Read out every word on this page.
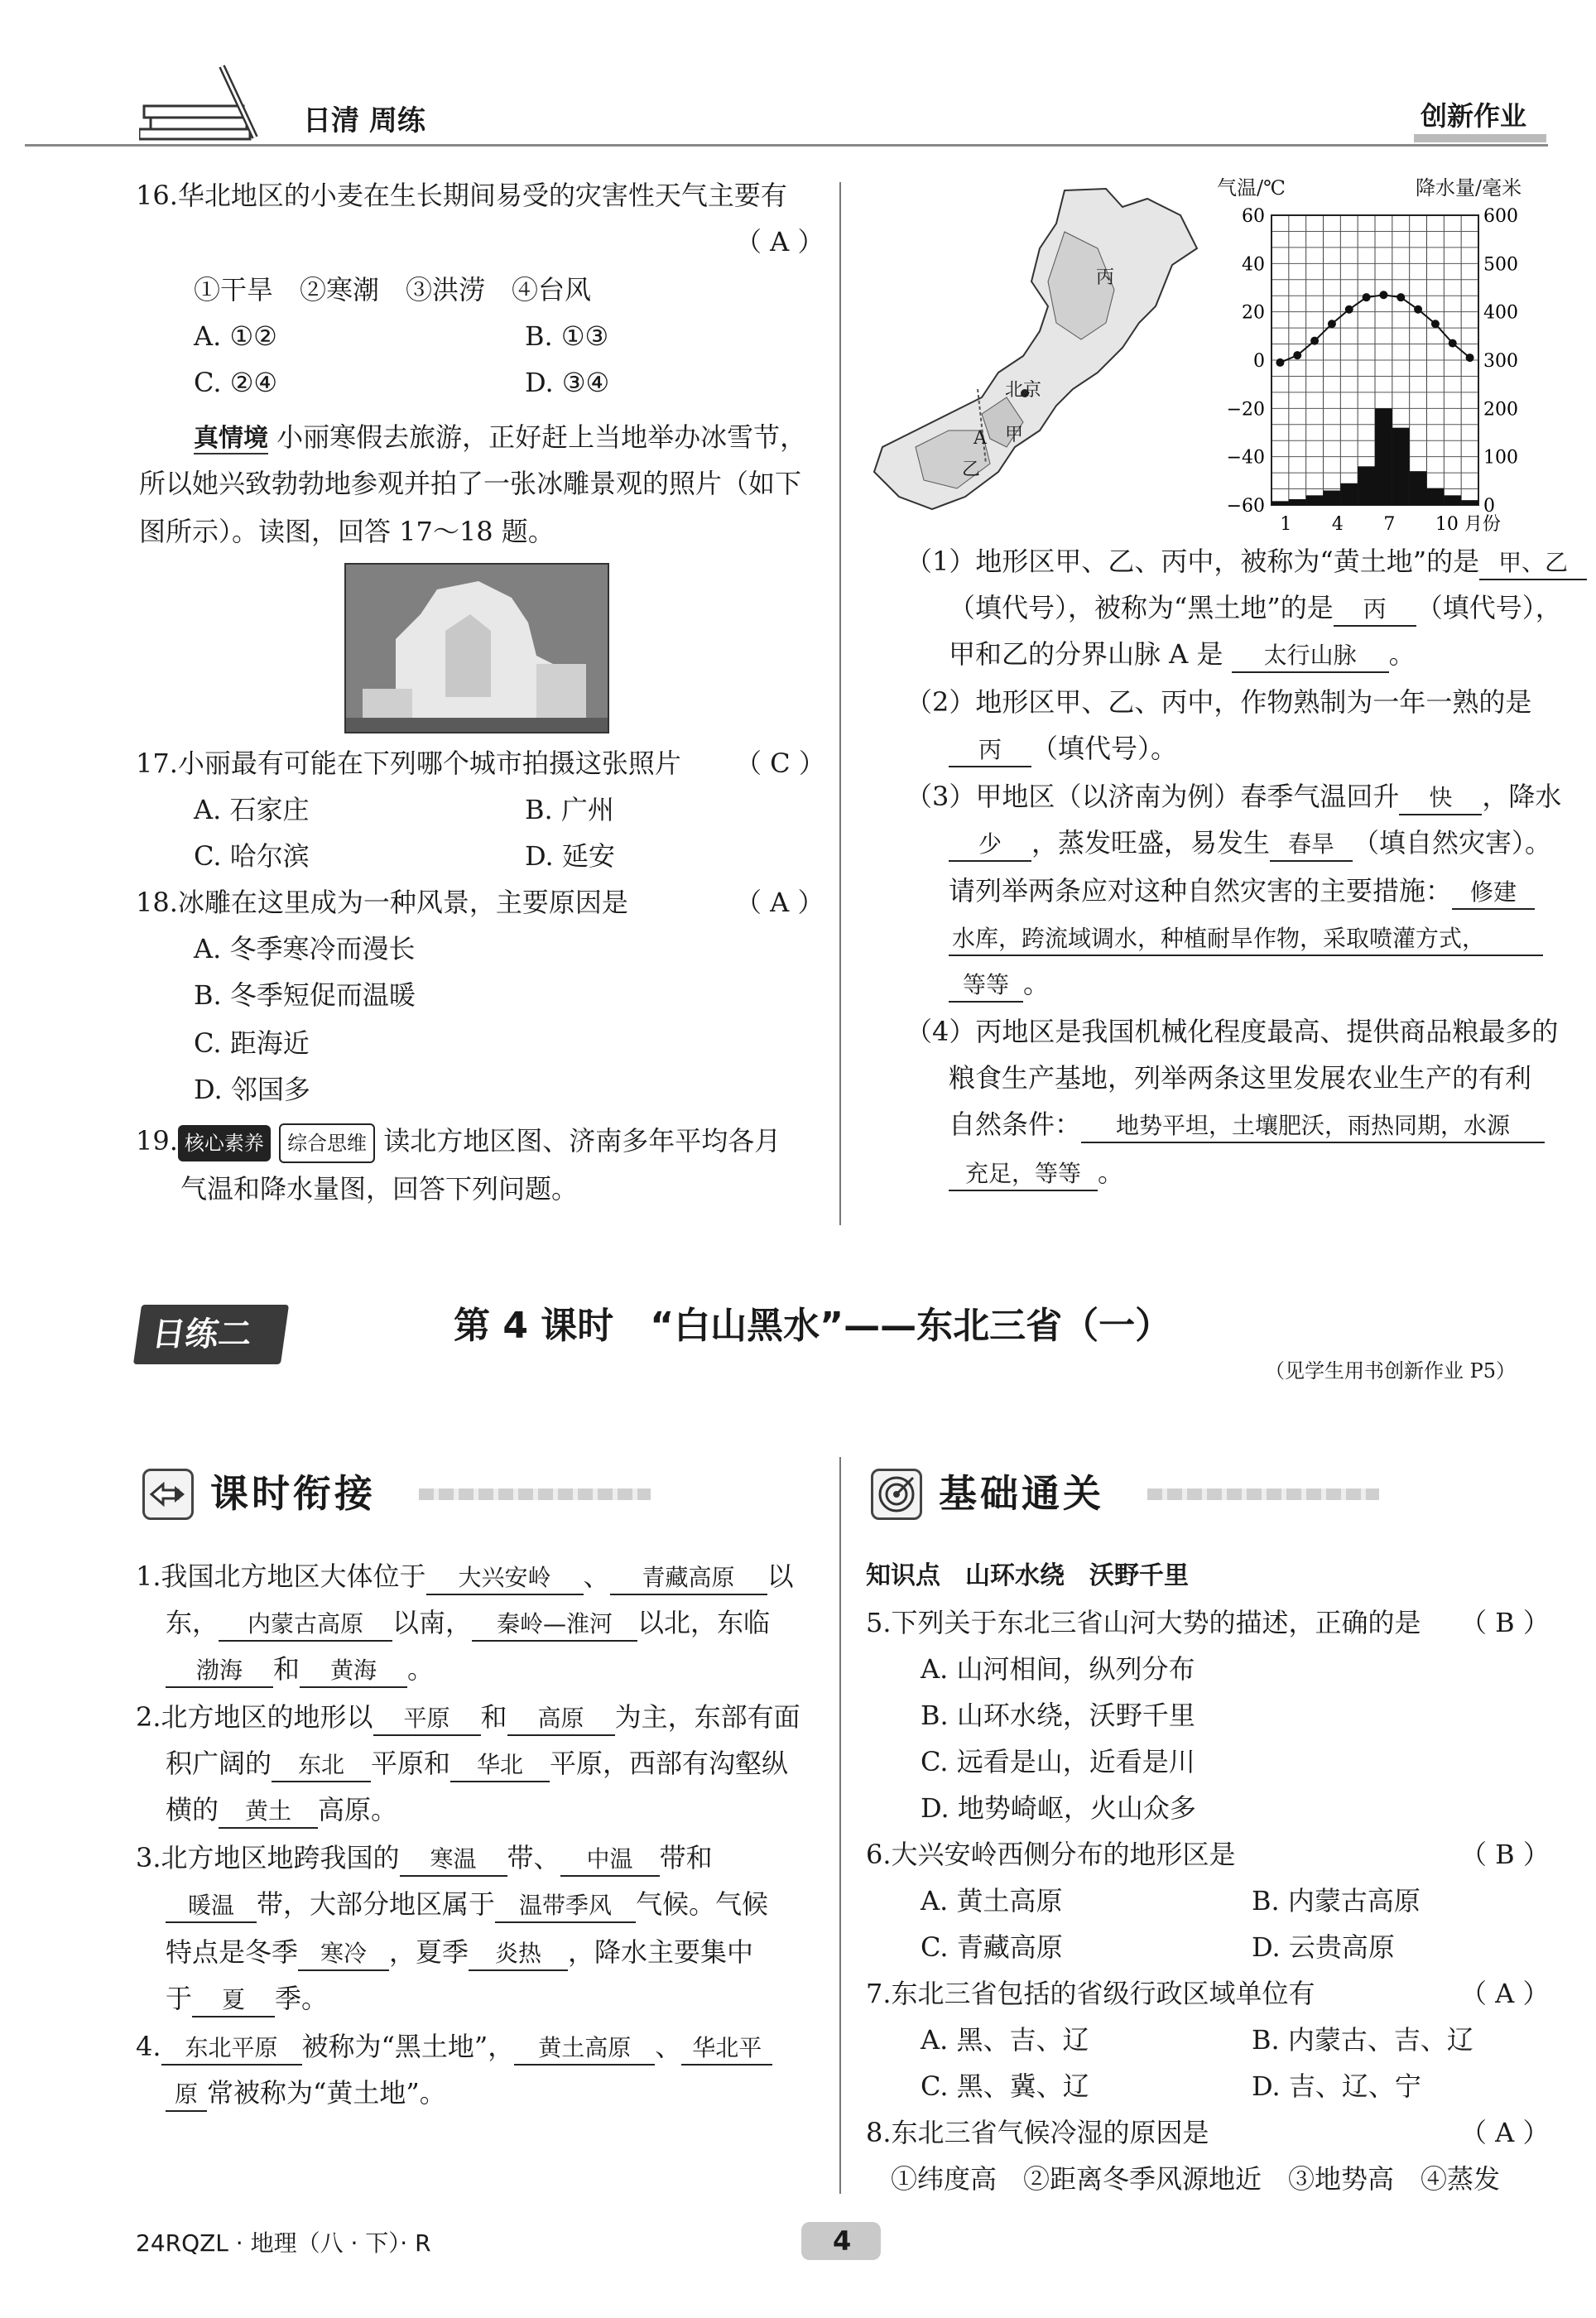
日清 周练	创新作业
16.华北地区的小麦在生长期间易受的灾害性天气主要有
（ A ）
①干旱　②寒潮　③洪涝　④台风
A. ①②	B. ①③
C. ②④	D. ③④
真情境 小丽寒假去旅游，正好赶上当地举办冰雪节，
所以她兴致勃勃地参观并拍了一张冰雕景观的照片（如下
图所示）。读图，回答 17～18 题。
17.小丽最有可能在下列哪个城市拍摄这张照片 （ C ）
A. 石家庄	B. 广州
C. 哈尔滨	D. 延安
18.冰雕在这里成为一种风景，主要原因是	（ A ）
A. 冬季寒冷而漫长
B. 冬季短促而温暖
C. 距海近
D. 邻国多
19. 核心素养 综合思维 读北方地区图、济南多年平均各月
气温和降水量图，回答下列问题。
丙
北京
A 甲
乙
气温/℃	降水量/毫米
60
40
20
0
−20
−40
−60
600
500
400
300
200
100
0
1 4 7 10 月份
（1）地形区甲、乙、丙中，被称为“黄土地”的是 甲、乙
（填代号），被称为“黑土地”的是 丙 （填代号），
甲和乙的分界山脉 A 是 太行山脉 。
（2）地形区甲、乙、丙中，作物熟制为一年一熟的是
丙 （填代号）。
（3）甲地区（以济南为例）春季气温回升 快 ，降水
少 ，蒸发旺盛，易发生 春旱 （填自然灾害）。
请列举两条应对这种自然灾害的主要措施： 修建
水库，跨流域调水，种植耐旱作物，采取喷灌方式，
等等 。
（4）丙地区是我国机械化程度最高、提供商品粮最多的
粮食生产基地，列举两条这里发展农业生产的有利
自然条件： 地势平坦，土壤肥沃，雨热同期，水源
充足，等等 。
日练二	第 4 课时　“白山黑水”——东北三省（一）
（见学生用书创新作业 P5）
课时衔接	基础通关
1.我国北方地区大体位于 大兴安岭 、 青藏高原 以
东， 内蒙古高原 以南， 秦岭—淮河 以北，东临
渤海 和 黄海 。
2.北方地区的地形以 平原 和 高原 为主，东部有面
积广阔的 东北 平原和 华北 平原，西部有沟壑纵
横的 黄土 高原。
3.北方地区地跨我国的 寒温 带、 中温 带和
暖温 带，大部分地区属于 温带季风 气候。气候
特点是冬季 寒冷 ，夏季 炎热 ，降水主要集中
于 夏 季。
4. 东北平原 被称为“黑土地”， 黄土高原 、 华北平
原 常被称为“黄土地”。
知识点　山环水绕　沃野千里
5.下列关于东北三省山河大势的描述，正确的是 （ B ）
A. 山河相间，纵列分布
B. 山环水绕，沃野千里
C. 远看是山，近看是川
D. 地势崎岖，火山众多
6.大兴安岭西侧分布的地形区是	（ B ）
A. 黄土高原	B. 内蒙古高原
C. 青藏高原	D. 云贵高原
7.东北三省包括的省级行政区域单位有	（ A ）
A. 黑、吉、辽	B. 内蒙古、吉、辽
C. 黑、冀、辽	D. 吉、辽、宁
8.东北三省气候冷湿的原因是	（ A ）
①纬度高　②距离冬季风源地近　③地势高　④蒸发
24RQZL · 地理（八 · 下）· R	4
